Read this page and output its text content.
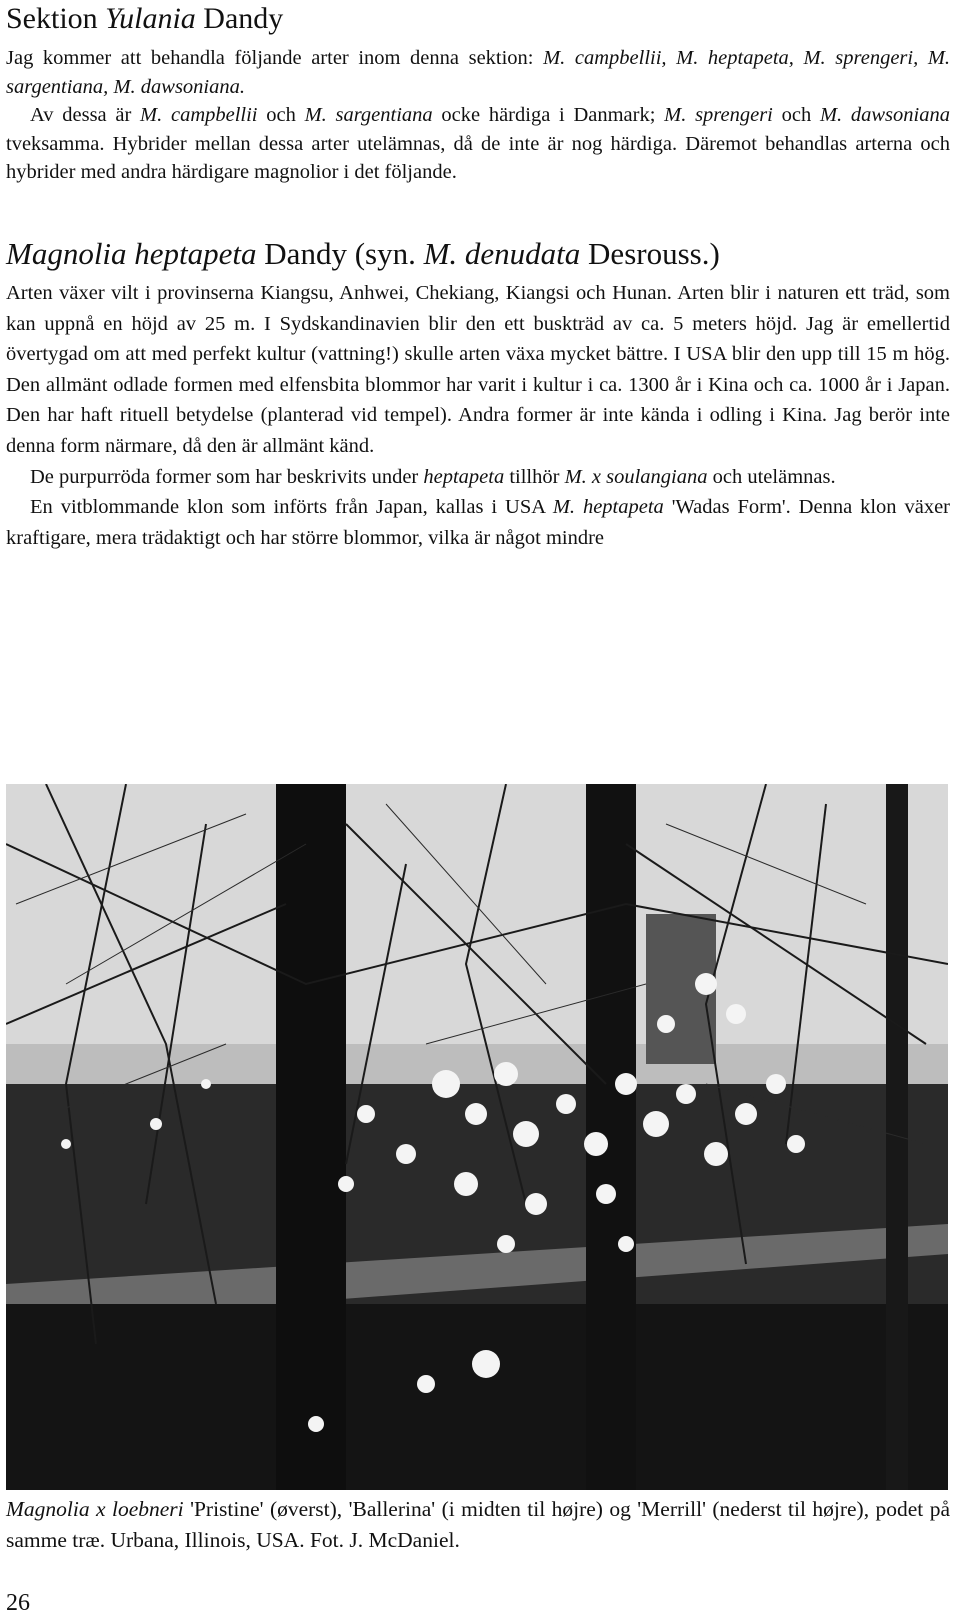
Sektion Yulania Dandy

Jag kommer att behandla följande arter inom denna sektion: M. campbellii, M. heptapeta, M. sprengeri, M. sargentiana, M. dawsoniana.

Av dessa är M. campbellii och M. sargentiana ocke härdiga i Danmark; M. sprengeri och M. dawsoniana tveksamma. Hybrider mellan dessa arter utelämnas, då de inte är nog härdiga. Däremot behandlas arterna och hybrider med andra härdigare magnolior i det följande.

Magnolia heptapeta Dandy (syn. M. denudata Desrouss.)

Arten växer vilt i provinserna Kiangsu, Anhwei, Chekiang, Kiangsi och Hunan. Arten blir i naturen ett träd, som kan uppnå en höjd av 25 m. I Sydskandinavien blir den ett buskträd av ca. 5 meters höjd. Jag är emellertid övertygad om att med perfekt kultur (vattning!) skulle arten växa mycket bättre. I USA blir den upp till 15 m hög. Den allmänt odlade formen med elfensbita blommor har varit i kultur i ca. 1300 år i Kina och ca. 1000 år i Japan. Den har haft rituell betydelse (planterad vid tempel). Andra former är inte kända i odling i Kina. Jag berör inte denna form närmare, då den är allmänt känd.

De purpurröda former som har beskrivits under heptapeta tillhör M. x soulangiana och utelämnas.

En vitblommande klon som införts från Japan, kallas i USA M. heptapeta 'Wadas Form'. Denna klon växer kraftigare, mera trädaktigt och har större blommor, vilka är något mindre

Magnolia x loebneri 'Pristine' (øverst), 'Ballerina' (i midten til højre) og 'Merrill' (nederst til højre), podet på samme træ. Urbana, Illinois, USA. Fot. J. McDaniel.

26
